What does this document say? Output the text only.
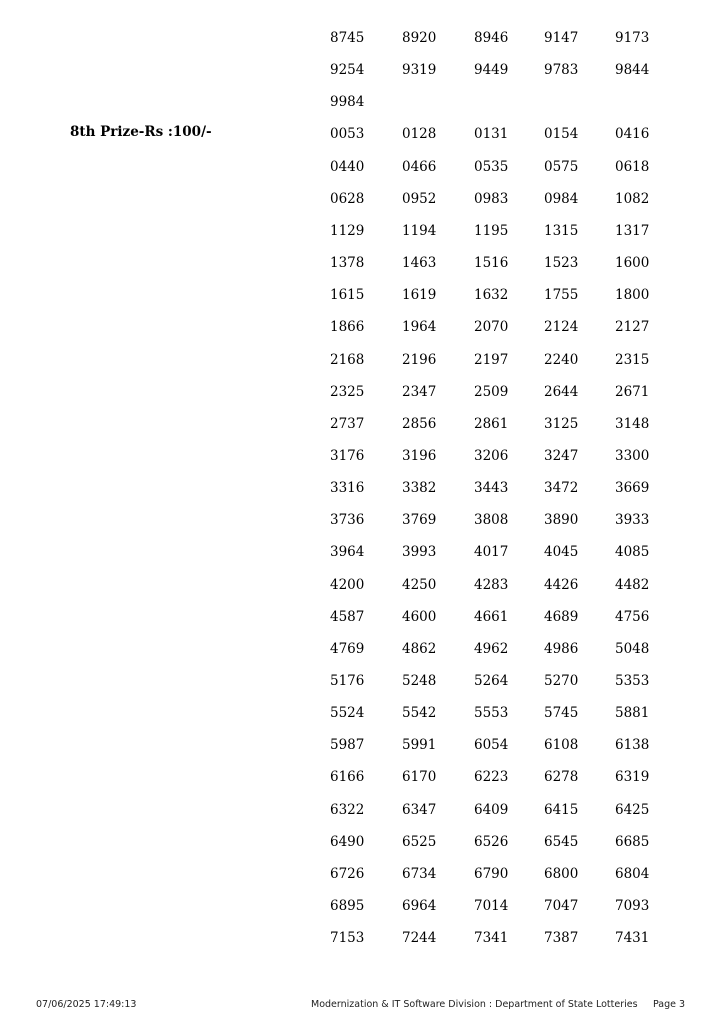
8th Prize-Rs :100/-
8745	8920	8946	9147	9173
9254	9319	9449	9783	9844
9984
0053	0128	0131	0154	0416
0440	0466	0535	0575	0618
0628	0952	0983	0984	1082
1129	1194	1195	1315	1317
1378	1463	1516	1523	1600
1615	1619	1632	1755	1800
1866	1964	2070	2124	2127
2168	2196	2197	2240	2315
2325	2347	2509	2644	2671
2737	2856	2861	3125	3148
3176	3196	3206	3247	3300
3316	3382	3443	3472	3669
3736	3769	3808	3890	3933
3964	3993	4017	4045	4085
4200	4250	4283	4426	4482
4587	4600	4661	4689	4756
4769	4862	4962	4986	5048
5176	5248	5264	5270	5353
5524	5542	5553	5745	5881
5987	5991	6054	6108	6138
6166	6170	6223	6278	6319
6322	6347	6409	6415	6425
6490	6525	6526	6545	6685
6726	6734	6790	6800	6804
6895	6964	7014	7047	7093
7153	7244	7341	7387	7431
07/06/2025 17:49:13	Modernization & IT Software Division : Department of State Lotteries Page 3
